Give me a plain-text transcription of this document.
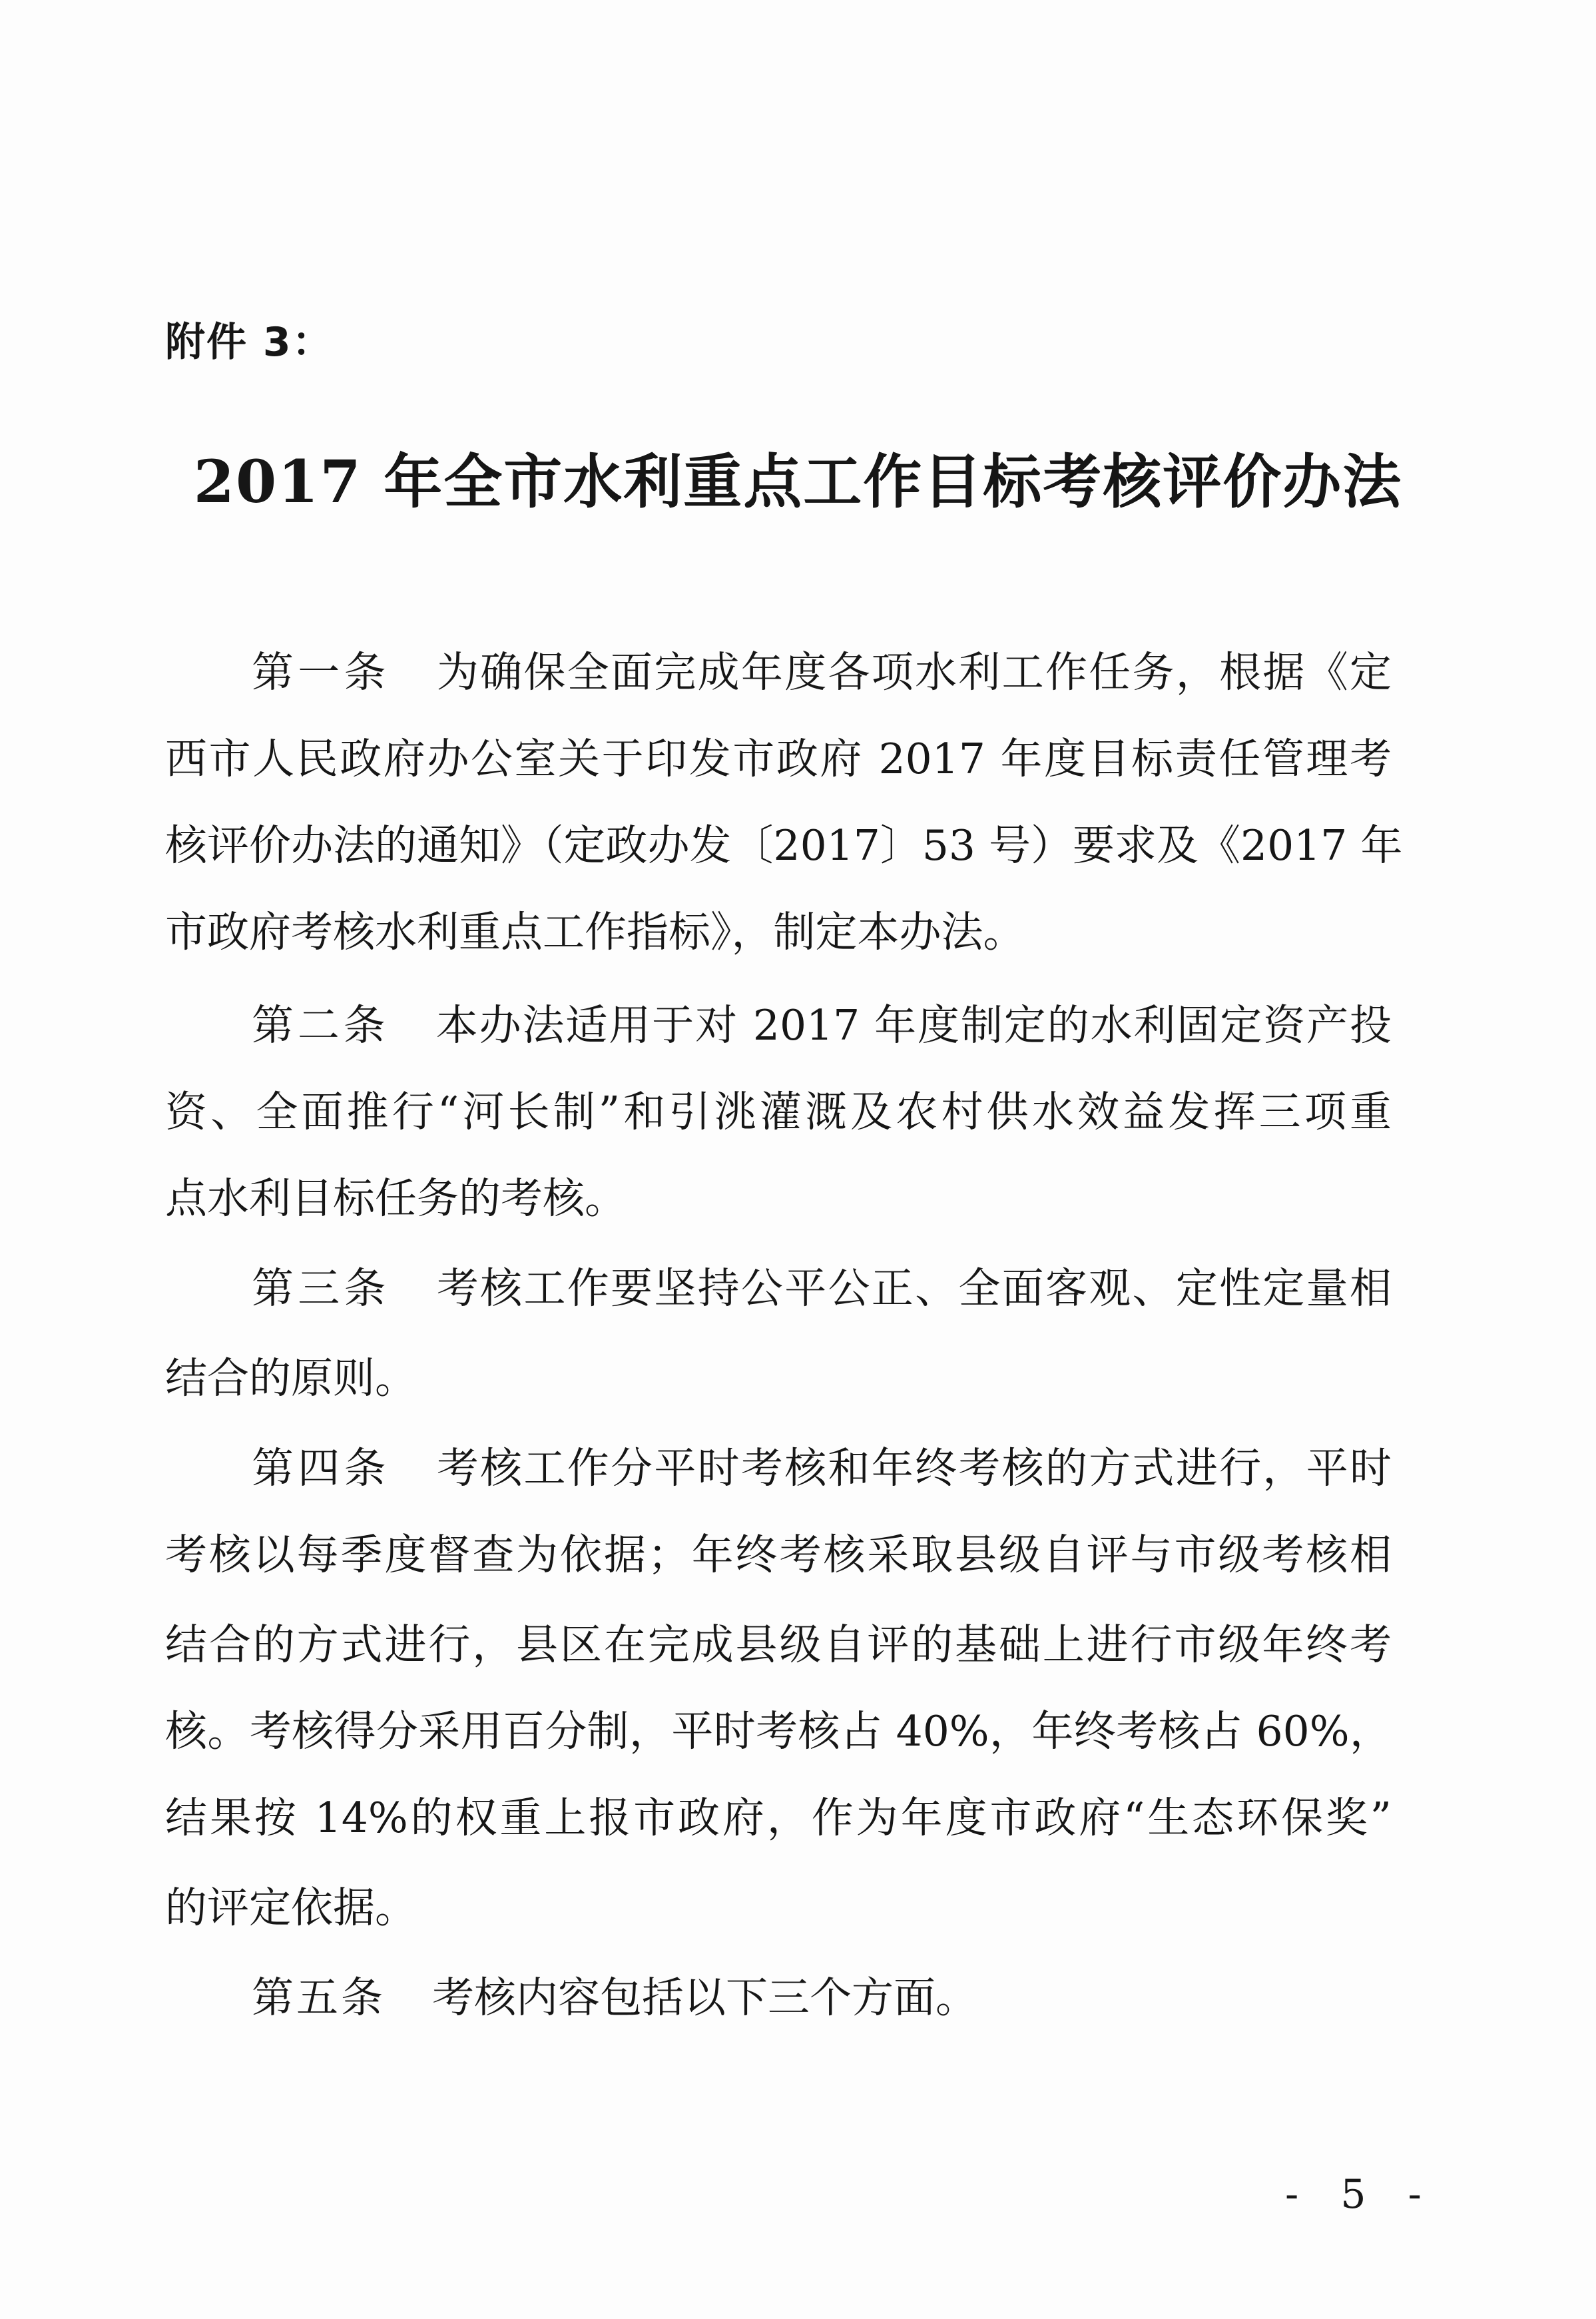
附件 3：
2017 年全市水利重点工作目标考核评价办法
第一条 为确保全面完成年度各项水利工作任务，根据《定
西市人民政府办公室关于印发市政府 2017 年度目标责任管理考
核评价办法的通知》（定政办发〔2017〕53 号）要求及《2017 年
市政府考核水利重点工作指标》，制定本办法。
第二条 本办法适用于对 2017 年度制定的水利固定资产投
资、全面推行“河长制”和引洮灌溉及农村供水效益发挥三项重
点水利目标任务的考核。
第三条 考核工作要坚持公平公正、全面客观、定性定量相
结合的原则。
第四条 考核工作分平时考核和年终考核的方式进行，平时
考核以每季度督查为依据；年终考核采取县级自评与市级考核相
结合的方式进行，县区在完成县级自评的基础上进行市级年终考
核。考核得分采用百分制，平时考核占 40%，年终考核占 60%，
结果按 14%的权重上报市政府，作为年度市政府“生态环保奖”
的评定依据。
第五条 考核内容包括以下三个方面。
- 5 -
